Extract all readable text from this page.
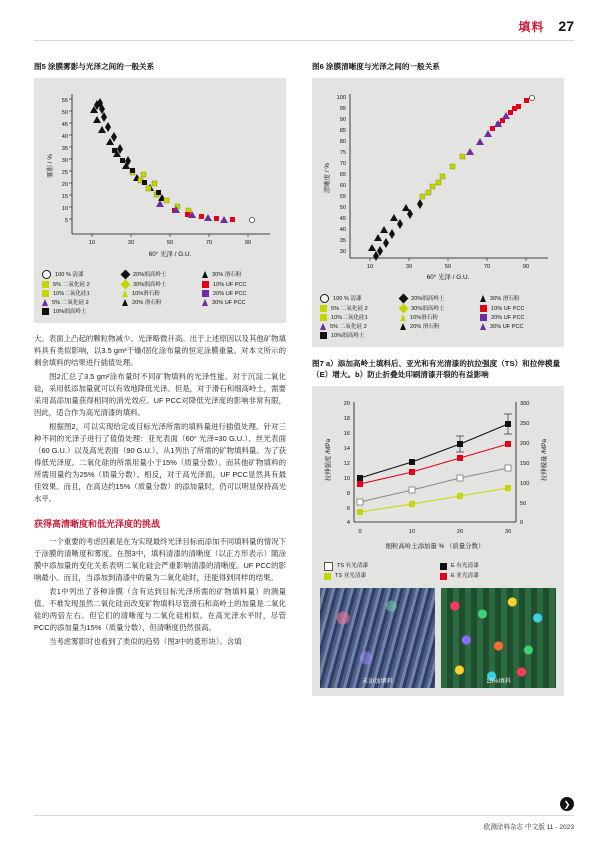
填料 27
图5 涂膜雾影与光泽之间的一般关系
55
50
45
40
35
30
25
20
15
10
5
10	30	50	70	90
60° 光泽 / G.U.
雾影 / %
100 % 清漆	20%细高岭土	30% 滑石粉
5% 二氧化硅 2	30%细高岭土	10% UF PCC
10%二氧化硅1	10%滑石粉	20% UF PCC
5% 二氧化硅 2	20% 滑石粉	30% UF PCC
10%细高岭土

大。表面上凸起的颗粒物减少、光泽略微升高。出于上述原因以及其他矿物填料具有类似影响，以3.5 gm³干燥/固化涂布量的恒定涂膜重量。对本文所示的剩余填料的结果进行插值处理。

图2汇总了3.5 gm²涂布量时不同矿物填料的光泽性能。对于沉淀二氧化硅，采用低添加量就可以有效地降低光泽。但是，对于滑石和细高岭土，需要采用高添加量获得相同的消光效应。UF PCC对降低光泽度的影响非常有限，因此，适合作为高光清漆的填料。

根据图2，可以实现给定或目标光泽所需的填料量进行插值处理。针对三种不同的光泽子进行了值值处理：亚光表面（60° 光泽=30 G.U.）、丝光表面（60 G.U.）以及高光表面（90 G.U.）。从1列出了所需的矿物填料量。为了获得低光泽度。二氧化硅的所需用量小于15%（质量分数）。而其他矿物填料的所需用量约为25%（质量分数）。相反，对于高光泽面，UF PCC显然具有最佳效果。而且，在高达约15%（质量分数）的添加量时，仍可以明显保持高光水平。

获得高清晰度和低光泽度的挑战

一个重要的考虑因素是在为实现最终光泽目标而添加不同填料量的情况下于涂膜的清晰度和雾度。在图3中，填料清漆的清晰度（以正方形表示）随涂膜中添加量的变化关系表明二氧化硅会严重影响清漆的清晰度。UF PCC的影响最小。而且，当添加到清漆中的量为二氧化硅时，还能得到同样的结果。

表1中列出了各种涂膜（含有达到目标光泽所需的矿物填料量）的测量值。不难发现虽然二氧化硅而改变矿物填料尽管滑石和高岭土的加量是二氧化硅的两倍左右。但它们的清晰度与二氧化硅相似。在高光泽水平时，尽管PCC的添加量为15%（质量分数），但清晰度仍然很高。

当考虑雾影时也看到了类似的趋势（图3中的菱形块）。含填

图6 涂膜清晰度与光泽之间的一般关系
100
95
90
85
80
75
70
65
60
55
50
45
40
35
30
10	30	50	70	90
60° 光泽 / G.U.
清晰度 / %
100 % 清漆	20%细高岭土	30% 滑石粉
5% 二氧化硅 2	30%细高岭土	10% UF PCC
10%二氧化硅1	10%滑石粉	20% UF PCC
5% 二氧化硅 2	20% 滑石粉	30% UF PCC
10%细高岭土
图7 a）添加高岭土填料后、亚光和有光清漆的抗拉强度（TS）和拉伸模量（E）增大。b）防止折叠处印刷清漆开裂的有益影响
20
18
16
14
12
10
8
6
4
300
250
200
150
100
50
0
0	10	20	30
细粒高岭土添加量 % （质量分数）
拉伸强度 /MPa	拉伸模量 /MPa
TS 有光清漆	E 有光清漆
TS 亚光清漆	E 亚光清漆
未添加填料	15%填料
❯
欧测涂料杂志 中文版 11 - 2023
